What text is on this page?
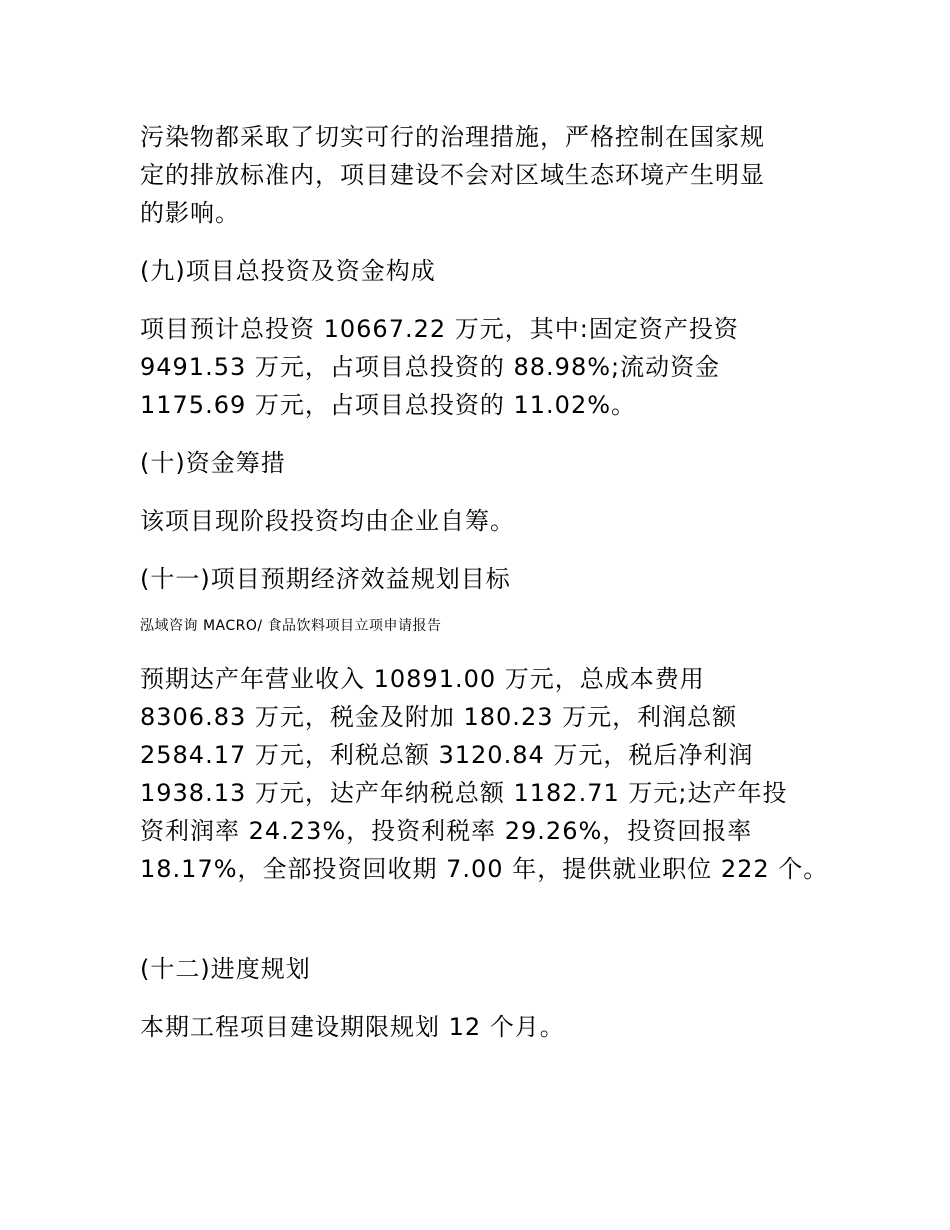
污染物都采取了切实可行的治理措施，严格控制在国家规
定的排放标准内，项目建设不会对区域生态环境产生明显
的影响。
(九)项目总投资及资金构成
项目预计总投资 10667.22 万元，其中:固定资产投资
9491.53 万元，占项目总投资的 88.98%;流动资金
1175.69 万元，占项目总投资的 11.02%。
(十)资金筹措
该项目现阶段投资均由企业自筹。
(十一)项目预期经济效益规划目标
泓域咨询 MACRO/ 食品饮料项目立项申请报告
预期达产年营业收入 10891.00 万元，总成本费用
8306.83 万元，税金及附加 180.23 万元，利润总额
2584.17 万元，利税总额 3120.84 万元，税后净利润
1938.13 万元，达产年纳税总额 1182.71 万元;达产年投
资利润率 24.23%，投资利税率 29.26%，投资回报率
18.17%，全部投资回收期 7.00 年，提供就业职位 222 个。
(十二)进度规划
本期工程项目建设期限规划 12 个月。
